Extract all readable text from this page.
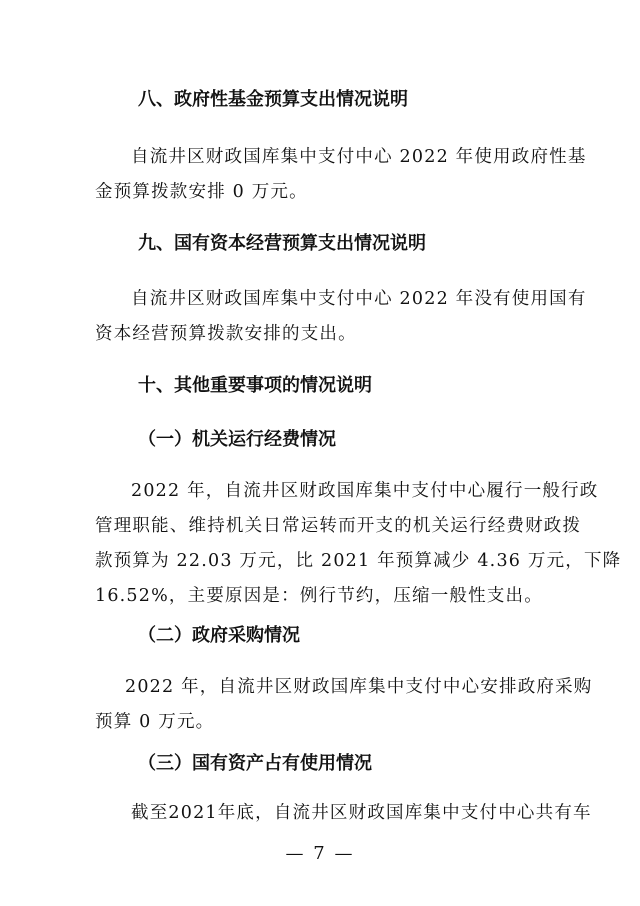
八、政府性基金预算支出情况说明
自流井区财政国库集中支付中心 2022 年使用政府性基
金预算拨款安排 0 万元。
九、国有资本经营预算支出情况说明
自流井区财政国库集中支付中心 2022 年没有使用国有
资本经营预算拨款安排的支出。
十、其他重要事项的情况说明
（一）机关运行经费情况
2022 年，自流井区财政国库集中支付中心履行一般行政
管理职能、维持机关日常运转而开支的机关运行经费财政拨
款预算为 22.03 万元，比 2021 年预算减少 4.36 万元，下降
16.52%，主要原因是：例行节约，压缩一般性支出。
（二）政府采购情况
2022 年，自流井区财政国库集中支付中心安排政府采购
预算 0 万元。
（三）国有资产占有使用情况
截至2021年底，自流井区财政国库集中支付中心共有车
— 7 —
